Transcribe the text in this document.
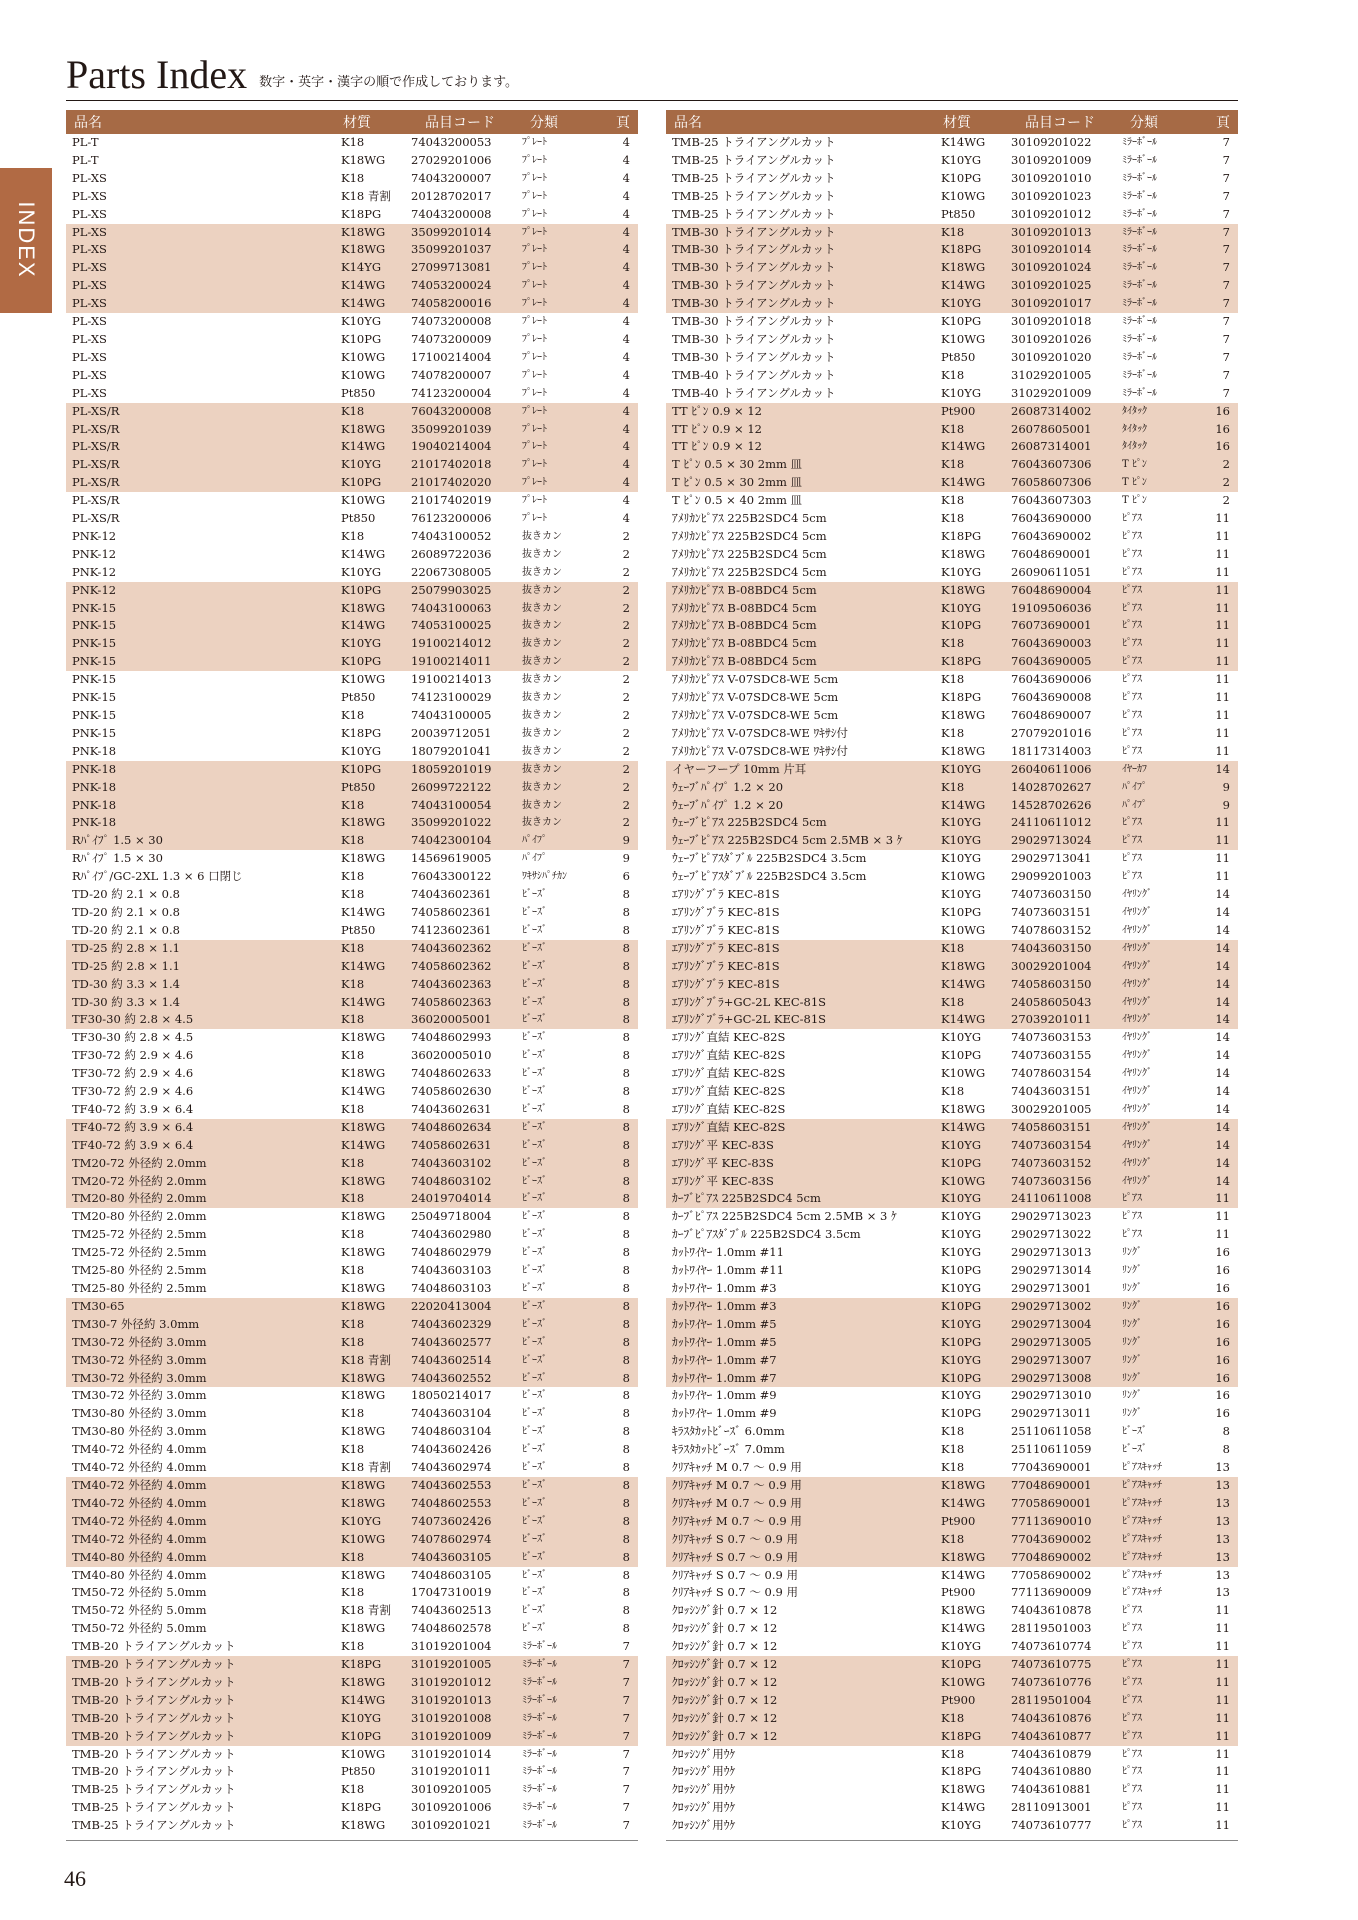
INDEX
Parts Index 数字・英字・漢字の順で作成しております。
品名	材質	品目コード	分類	頁
PL-T	K18	74043200053	ﾌﾟﾚｰﾄ	4
PL-T	K18WG	27029201006	ﾌﾟﾚｰﾄ	4
PL-XS	K18	74043200007	ﾌﾟﾚｰﾄ	4
PL-XS	K18 青割	20128702017	ﾌﾟﾚｰﾄ	4
PL-XS	K18PG	74043200008	ﾌﾟﾚｰﾄ	4
PL-XS	K18WG	35099201014	ﾌﾟﾚｰﾄ	4
PL-XS	K18WG	35099201037	ﾌﾟﾚｰﾄ	4
PL-XS	K14YG	27099713081	ﾌﾟﾚｰﾄ	4
PL-XS	K14WG	74053200024	ﾌﾟﾚｰﾄ	4
PL-XS	K14WG	74058200016	ﾌﾟﾚｰﾄ	4
PL-XS	K10YG	74073200008	ﾌﾟﾚｰﾄ	4
PL-XS	K10PG	74073200009	ﾌﾟﾚｰﾄ	4
PL-XS	K10WG	17100214004	ﾌﾟﾚｰﾄ	4
PL-XS	K10WG	74078200007	ﾌﾟﾚｰﾄ	4
PL-XS	Pt850	74123200004	ﾌﾟﾚｰﾄ	4
PL-XS/R	K18	76043200008	ﾌﾟﾚｰﾄ	4
PL-XS/R	K18WG	35099201039	ﾌﾟﾚｰﾄ	4
PL-XS/R	K14WG	19040214004	ﾌﾟﾚｰﾄ	4
PL-XS/R	K10YG	21017402018	ﾌﾟﾚｰﾄ	4
PL-XS/R	K10PG	21017402020	ﾌﾟﾚｰﾄ	4
PL-XS/R	K10WG	21017402019	ﾌﾟﾚｰﾄ	4
PL-XS/R	Pt850	76123200006	ﾌﾟﾚｰﾄ	4
PNK-12	K18	74043100052	抜きカン	2
PNK-12	K14WG	26089722036	抜きカン	2
PNK-12	K10YG	22067308005	抜きカン	2
PNK-12	K10PG	25079903025	抜きカン	2
PNK-15	K18WG	74043100063	抜きカン	2
PNK-15	K14WG	74053100025	抜きカン	2
PNK-15	K10YG	19100214012	抜きカン	2
PNK-15	K10PG	19100214011	抜きカン	2
PNK-15	K10WG	19100214013	抜きカン	2
PNK-15	Pt850	74123100029	抜きカン	2
PNK-15	K18	74043100005	抜きカン	2
PNK-15	K18PG	20039712051	抜きカン	2
PNK-18	K10YG	18079201041	抜きカン	2
PNK-18	K10PG	18059201019	抜きカン	2
PNK-18	Pt850	26099722122	抜きカン	2
PNK-18	K18	74043100054	抜きカン	2
PNK-18	K18WG	35099201022	抜きカン	2
Rﾊﾟｲﾌﾟ 1.5 × 30	K18	74042300104	ﾊﾟｲﾌﾟ	9
Rﾊﾟｲﾌﾟ 1.5 × 30	K18WG	14569619005	ﾊﾟｲﾌﾟ	9
Rﾊﾟｲﾌﾟ/GC-2XL 1.3 × 6 口閉じ	K18	76043300122	ﾜｷｻｼﾊﾟﾁｶﾝ	6
TD-20 約 2.1 × 0.8	K18	74043602361	ﾋﾞｰｽﾞ	8
TD-20 約 2.1 × 0.8	K14WG	74058602361	ﾋﾞｰｽﾞ	8
TD-20 約 2.1 × 0.8	Pt850	74123602361	ﾋﾞｰｽﾞ	8
TD-25 約 2.8 × 1.1	K18	74043602362	ﾋﾞｰｽﾞ	8
TD-25 約 2.8 × 1.1	K14WG	74058602362	ﾋﾞｰｽﾞ	8
TD-30 約 3.3 × 1.4	K18	74043602363	ﾋﾞｰｽﾞ	8
TD-30 約 3.3 × 1.4	K14WG	74058602363	ﾋﾞｰｽﾞ	8
TF30-30 約 2.8 × 4.5	K18	36020005001	ﾋﾞｰｽﾞ	8
TF30-30 約 2.8 × 4.5	K18WG	74048602993	ﾋﾞｰｽﾞ	8
TF30-72 約 2.9 × 4.6	K18	36020005010	ﾋﾞｰｽﾞ	8
TF30-72 約 2.9 × 4.6	K18WG	74048602633	ﾋﾞｰｽﾞ	8
TF30-72 約 2.9 × 4.6	K14WG	74058602630	ﾋﾞｰｽﾞ	8
TF40-72 約 3.9 × 6.4	K18	74043602631	ﾋﾞｰｽﾞ	8
TF40-72 約 3.9 × 6.4	K18WG	74048602634	ﾋﾞｰｽﾞ	8
TF40-72 約 3.9 × 6.4	K14WG	74058602631	ﾋﾞｰｽﾞ	8
TM20-72 外径約 2.0mm	K18	74043603102	ﾋﾞｰｽﾞ	8
TM20-72 外径約 2.0mm	K18WG	74048603102	ﾋﾞｰｽﾞ	8
TM20-80 外径約 2.0mm	K18	24019704014	ﾋﾞｰｽﾞ	8
TM20-80 外径約 2.0mm	K18WG	25049718004	ﾋﾞｰｽﾞ	8
TM25-72 外径約 2.5mm	K18	74043602980	ﾋﾞｰｽﾞ	8
TM25-72 外径約 2.5mm	K18WG	74048602979	ﾋﾞｰｽﾞ	8
TM25-80 外径約 2.5mm	K18	74043603103	ﾋﾞｰｽﾞ	8
TM25-80 外径約 2.5mm	K18WG	74048603103	ﾋﾞｰｽﾞ	8
TM30-65	K18WG	22020413004	ﾋﾞｰｽﾞ	8
TM30-7 外径約 3.0mm	K18	74043602329	ﾋﾞｰｽﾞ	8
TM30-72 外径約 3.0mm	K18	74043602577	ﾋﾞｰｽﾞ	8
TM30-72 外径約 3.0mm	K18 青割	74043602514	ﾋﾞｰｽﾞ	8
TM30-72 外径約 3.0mm	K18WG	74043602552	ﾋﾞｰｽﾞ	8
TM30-72 外径約 3.0mm	K18WG	18050214017	ﾋﾞｰｽﾞ	8
TM30-80 外径約 3.0mm	K18	74043603104	ﾋﾞｰｽﾞ	8
TM30-80 外径約 3.0mm	K18WG	74048603104	ﾋﾞｰｽﾞ	8
TM40-72 外径約 4.0mm	K18	74043602426	ﾋﾞｰｽﾞ	8
TM40-72 外径約 4.0mm	K18 青割	74043602974	ﾋﾞｰｽﾞ	8
TM40-72 外径約 4.0mm	K18WG	74043602553	ﾋﾞｰｽﾞ	8
TM40-72 外径約 4.0mm	K18WG	74048602553	ﾋﾞｰｽﾞ	8
TM40-72 外径約 4.0mm	K10YG	74073602426	ﾋﾞｰｽﾞ	8
TM40-72 外径約 4.0mm	K10WG	74078602974	ﾋﾞｰｽﾞ	8
TM40-80 外径約 4.0mm	K18	74043603105	ﾋﾞｰｽﾞ	8
TM40-80 外径約 4.0mm	K18WG	74048603105	ﾋﾞｰｽﾞ	8
TM50-72 外径約 5.0mm	K18	17047310019	ﾋﾞｰｽﾞ	8
TM50-72 外径約 5.0mm	K18 青割	74043602513	ﾋﾞｰｽﾞ	8
TM50-72 外径約 5.0mm	K18WG	74048602578	ﾋﾞｰｽﾞ	8
TMB-20 トライアングルカット	K18	31019201004	ﾐﾗｰﾎﾞｰﾙ	7
TMB-20 トライアングルカット	K18PG	31019201005	ﾐﾗｰﾎﾞｰﾙ	7
TMB-20 トライアングルカット	K18WG	31019201012	ﾐﾗｰﾎﾞｰﾙ	7
TMB-20 トライアングルカット	K14WG	31019201013	ﾐﾗｰﾎﾞｰﾙ	7
TMB-20 トライアングルカット	K10YG	31019201008	ﾐﾗｰﾎﾞｰﾙ	7
TMB-20 トライアングルカット	K10PG	31019201009	ﾐﾗｰﾎﾞｰﾙ	7
TMB-20 トライアングルカット	K10WG	31019201014	ﾐﾗｰﾎﾞｰﾙ	7
TMB-20 トライアングルカット	Pt850	31019201011	ﾐﾗｰﾎﾞｰﾙ	7
TMB-25 トライアングルカット	K18	30109201005	ﾐﾗｰﾎﾞｰﾙ	7
TMB-25 トライアングルカット	K18PG	30109201006	ﾐﾗｰﾎﾞｰﾙ	7
TMB-25 トライアングルカット	K18WG	30109201021	ﾐﾗｰﾎﾞｰﾙ	7
品名	材質	品目コード	分類	頁
TMB-25 トライアングルカット	K14WG	30109201022	ﾐﾗｰﾎﾞｰﾙ	7
TMB-25 トライアングルカット	K10YG	30109201009	ﾐﾗｰﾎﾞｰﾙ	7
TMB-25 トライアングルカット	K10PG	30109201010	ﾐﾗｰﾎﾞｰﾙ	7
TMB-25 トライアングルカット	K10WG	30109201023	ﾐﾗｰﾎﾞｰﾙ	7
TMB-25 トライアングルカット	Pt850	30109201012	ﾐﾗｰﾎﾞｰﾙ	7
TMB-30 トライアングルカット	K18	30109201013	ﾐﾗｰﾎﾞｰﾙ	7
TMB-30 トライアングルカット	K18PG	30109201014	ﾐﾗｰﾎﾞｰﾙ	7
TMB-30 トライアングルカット	K18WG	30109201024	ﾐﾗｰﾎﾞｰﾙ	7
TMB-30 トライアングルカット	K14WG	30109201025	ﾐﾗｰﾎﾞｰﾙ	7
TMB-30 トライアングルカット	K10YG	30109201017	ﾐﾗｰﾎﾞｰﾙ	7
TMB-30 トライアングルカット	K10PG	30109201018	ﾐﾗｰﾎﾞｰﾙ	7
TMB-30 トライアングルカット	K10WG	30109201026	ﾐﾗｰﾎﾞｰﾙ	7
TMB-30 トライアングルカット	Pt850	30109201020	ﾐﾗｰﾎﾞｰﾙ	7
TMB-40 トライアングルカット	K18	31029201005	ﾐﾗｰﾎﾞｰﾙ	7
TMB-40 トライアングルカット	K10YG	31029201009	ﾐﾗｰﾎﾞｰﾙ	7
TT ﾋﾟﾝ 0.9 × 12	Pt900	26087314002	ﾀｲﾀｯｸ	16
TT ﾋﾟﾝ 0.9 × 12	K18	26078605001	ﾀｲﾀｯｸ	16
TT ﾋﾟﾝ 0.9 × 12	K14WG	26087314001	ﾀｲﾀｯｸ	16
T ﾋﾟﾝ 0.5 × 30 2mm 皿	K18	76043607306	T ﾋﾟﾝ	2
T ﾋﾟﾝ 0.5 × 30 2mm 皿	K14WG	76058607306	T ﾋﾟﾝ	2
T ﾋﾟﾝ 0.5 × 40 2mm 皿	K18	76043607303	T ﾋﾟﾝ	2
ｱﾒﾘｶﾝﾋﾟｱｽ 225B2SDC4 5cm	K18	76043690000	ﾋﾟｱｽ	11
ｱﾒﾘｶﾝﾋﾟｱｽ 225B2SDC4 5cm	K18PG	76043690002	ﾋﾟｱｽ	11
ｱﾒﾘｶﾝﾋﾟｱｽ 225B2SDC4 5cm	K18WG	76048690001	ﾋﾟｱｽ	11
ｱﾒﾘｶﾝﾋﾟｱｽ 225B2SDC4 5cm	K10YG	26090611051	ﾋﾟｱｽ	11
ｱﾒﾘｶﾝﾋﾟｱｽ B-08BDC4 5cm	K18WG	76048690004	ﾋﾟｱｽ	11
ｱﾒﾘｶﾝﾋﾟｱｽ B-08BDC4 5cm	K10YG	19109506036	ﾋﾟｱｽ	11
ｱﾒﾘｶﾝﾋﾟｱｽ B-08BDC4 5cm	K10PG	76073690001	ﾋﾟｱｽ	11
ｱﾒﾘｶﾝﾋﾟｱｽ B-08BDC4 5cm	K18	76043690003	ﾋﾟｱｽ	11
ｱﾒﾘｶﾝﾋﾟｱｽ B-08BDC4 5cm	K18PG	76043690005	ﾋﾟｱｽ	11
ｱﾒﾘｶﾝﾋﾟｱｽ V-07SDC8-WE 5cm	K18	76043690006	ﾋﾟｱｽ	11
ｱﾒﾘｶﾝﾋﾟｱｽ V-07SDC8-WE 5cm	K18PG	76043690008	ﾋﾟｱｽ	11
ｱﾒﾘｶﾝﾋﾟｱｽ V-07SDC8-WE 5cm	K18WG	76048690007	ﾋﾟｱｽ	11
ｱﾒﾘｶﾝﾋﾟｱｽ V-07SDC8-WE ﾜｷｻｼ付	K18	27079201016	ﾋﾟｱｽ	11
ｱﾒﾘｶﾝﾋﾟｱｽ V-07SDC8-WE ﾜｷｻｼ付	K18WG	18117314003	ﾋﾟｱｽ	11
イヤーフープ 10mm 片耳	K10YG	26040611006	ｲﾔｰｶﾌ	14
ｳｪｰﾌﾞﾊﾟｲﾌﾟ 1.2 × 20	K18	14028702627	ﾊﾟｲﾌﾟ	9
ｳｪｰﾌﾞﾊﾟｲﾌﾟ 1.2 × 20	K14WG	14528702626	ﾊﾟｲﾌﾟ	9
ｳｪｰﾌﾞﾋﾟｱｽ 225B2SDC4 5cm	K10YG	24110611012	ﾋﾟｱｽ	11
ｳｪｰﾌﾞﾋﾟｱｽ 225B2SDC4 5cm 2.5MB × 3 ｹ	K10YG	29029713024	ﾋﾟｱｽ	11
ｳｪｰﾌﾞﾋﾟｱｽﾀﾞﾌﾞﾙ 225B2SDC4 3.5cm	K10YG	29029713041	ﾋﾟｱｽ	11
ｳｪｰﾌﾞﾋﾟｱｽﾀﾞﾌﾞﾙ 225B2SDC4 3.5cm	K10WG	29099201003	ﾋﾟｱｽ	11
ｴｱﾘﾝｸﾞﾌﾞﾗ KEC-81S	K10YG	74073603150	ｲﾔﾘﾝｸﾞ	14
ｴｱﾘﾝｸﾞﾌﾞﾗ KEC-81S	K10PG	74073603151	ｲﾔﾘﾝｸﾞ	14
ｴｱﾘﾝｸﾞﾌﾞﾗ KEC-81S	K10WG	74078603152	ｲﾔﾘﾝｸﾞ	14
ｴｱﾘﾝｸﾞﾌﾞﾗ KEC-81S	K18	74043603150	ｲﾔﾘﾝｸﾞ	14
ｴｱﾘﾝｸﾞﾌﾞﾗ KEC-81S	K18WG	30029201004	ｲﾔﾘﾝｸﾞ	14
ｴｱﾘﾝｸﾞﾌﾞﾗ KEC-81S	K14WG	74058603150	ｲﾔﾘﾝｸﾞ	14
ｴｱﾘﾝｸﾞﾌﾞﾗ+GC-2L KEC-81S	K18	24058605043	ｲﾔﾘﾝｸﾞ	14
ｴｱﾘﾝｸﾞﾌﾞﾗ+GC-2L KEC-81S	K14WG	27039201011	ｲﾔﾘﾝｸﾞ	14
ｴｱﾘﾝｸﾞ直結 KEC-82S	K10YG	74073603153	ｲﾔﾘﾝｸﾞ	14
ｴｱﾘﾝｸﾞ直結 KEC-82S	K10PG	74073603155	ｲﾔﾘﾝｸﾞ	14
ｴｱﾘﾝｸﾞ直結 KEC-82S	K10WG	74078603154	ｲﾔﾘﾝｸﾞ	14
ｴｱﾘﾝｸﾞ直結 KEC-82S	K18	74043603151	ｲﾔﾘﾝｸﾞ	14
ｴｱﾘﾝｸﾞ直結 KEC-82S	K18WG	30029201005	ｲﾔﾘﾝｸﾞ	14
ｴｱﾘﾝｸﾞ直結 KEC-82S	K14WG	74058603151	ｲﾔﾘﾝｸﾞ	14
ｴｱﾘﾝｸﾞ平 KEC-83S	K10YG	74073603154	ｲﾔﾘﾝｸﾞ	14
ｴｱﾘﾝｸﾞ平 KEC-83S	K10PG	74073603152	ｲﾔﾘﾝｸﾞ	14
ｴｱﾘﾝｸﾞ平 KEC-83S	K10WG	74073603156	ｲﾔﾘﾝｸﾞ	14
ｶｰﾌﾞﾋﾟｱｽ 225B2SDC4 5cm	K10YG	24110611008	ﾋﾟｱｽ	11
ｶｰﾌﾞﾋﾟｱｽ 225B2SDC4 5cm 2.5MB × 3 ｹ	K10YG	29029713023	ﾋﾟｱｽ	11
ｶｰﾌﾞﾋﾟｱｽﾀﾞﾌﾞﾙ 225B2SDC4 3.5cm	K10YG	29029713022	ﾋﾟｱｽ	11
ｶｯﾄﾜｲﾔｰ 1.0mm #11	K10YG	29029713013	ﾘﾝｸﾞ	16
ｶｯﾄﾜｲﾔｰ 1.0mm #11	K10PG	29029713014	ﾘﾝｸﾞ	16
ｶｯﾄﾜｲﾔｰ 1.0mm #3	K10YG	29029713001	ﾘﾝｸﾞ	16
ｶｯﾄﾜｲﾔｰ 1.0mm #3	K10PG	29029713002	ﾘﾝｸﾞ	16
ｶｯﾄﾜｲﾔｰ 1.0mm #5	K10YG	29029713004	ﾘﾝｸﾞ	16
ｶｯﾄﾜｲﾔｰ 1.0mm #5	K10PG	29029713005	ﾘﾝｸﾞ	16
ｶｯﾄﾜｲﾔｰ 1.0mm #7	K10YG	29029713007	ﾘﾝｸﾞ	16
ｶｯﾄﾜｲﾔｰ 1.0mm #7	K10PG	29029713008	ﾘﾝｸﾞ	16
ｶｯﾄﾜｲﾔｰ 1.0mm #9	K10YG	29029713010	ﾘﾝｸﾞ	16
ｶｯﾄﾜｲﾔｰ 1.0mm #9	K10PG	29029713011	ﾘﾝｸﾞ	16
ｷﾗｽﾀｶｯﾄﾋﾞｰｽﾞ 6.0mm	K18	25110611058	ﾋﾞｰｽﾞ	8
ｷﾗｽﾀｶｯﾄﾋﾞｰｽﾞ 7.0mm	K18	25110611059	ﾋﾞｰｽﾞ	8
ｸﾘｱｷｬｯﾁ M 0.7 ～ 0.9 用	K18	77043690001	ﾋﾟｱｽｷｬｯﾁ	13
ｸﾘｱｷｬｯﾁ M 0.7 ～ 0.9 用	K18WG	77048690001	ﾋﾟｱｽｷｬｯﾁ	13
ｸﾘｱｷｬｯﾁ M 0.7 ～ 0.9 用	K14WG	77058690001	ﾋﾟｱｽｷｬｯﾁ	13
ｸﾘｱｷｬｯﾁ M 0.7 ～ 0.9 用	Pt900	77113690010	ﾋﾟｱｽｷｬｯﾁ	13
ｸﾘｱｷｬｯﾁ S 0.7 ～ 0.9 用	K18	77043690002	ﾋﾟｱｽｷｬｯﾁ	13
ｸﾘｱｷｬｯﾁ S 0.7 ～ 0.9 用	K18WG	77048690002	ﾋﾟｱｽｷｬｯﾁ	13
ｸﾘｱｷｬｯﾁ S 0.7 ～ 0.9 用	K14WG	77058690002	ﾋﾟｱｽｷｬｯﾁ	13
ｸﾘｱｷｬｯﾁ S 0.7 ～ 0.9 用	Pt900	77113690009	ﾋﾟｱｽｷｬｯﾁ	13
ｸﾛｯｼﾝｸﾞ針 0.7 × 12	K18WG	74043610878	ﾋﾟｱｽ	11
ｸﾛｯｼﾝｸﾞ針 0.7 × 12	K14WG	28119501003	ﾋﾟｱｽ	11
ｸﾛｯｼﾝｸﾞ針 0.7 × 12	K10YG	74073610774	ﾋﾟｱｽ	11
ｸﾛｯｼﾝｸﾞ針 0.7 × 12	K10PG	74073610775	ﾋﾟｱｽ	11
ｸﾛｯｼﾝｸﾞ針 0.7 × 12	K10WG	74073610776	ﾋﾟｱｽ	11
ｸﾛｯｼﾝｸﾞ針 0.7 × 12	Pt900	28119501004	ﾋﾟｱｽ	11
ｸﾛｯｼﾝｸﾞ針 0.7 × 12	K18	74043610876	ﾋﾟｱｽ	11
ｸﾛｯｼﾝｸﾞ針 0.7 × 12	K18PG	74043610877	ﾋﾟｱｽ	11
ｸﾛｯｼﾝｸﾞ用ｳｹ	K18	74043610879	ﾋﾟｱｽ	11
ｸﾛｯｼﾝｸﾞ用ｳｹ	K18PG	74043610880	ﾋﾟｱｽ	11
ｸﾛｯｼﾝｸﾞ用ｳｹ	K18WG	74043610881	ﾋﾟｱｽ	11
ｸﾛｯｼﾝｸﾞ用ｳｹ	K14WG	28110913001	ﾋﾟｱｽ	11
ｸﾛｯｼﾝｸﾞ用ｳｹ	K10YG	74073610777	ﾋﾟｱｽ	11
46
